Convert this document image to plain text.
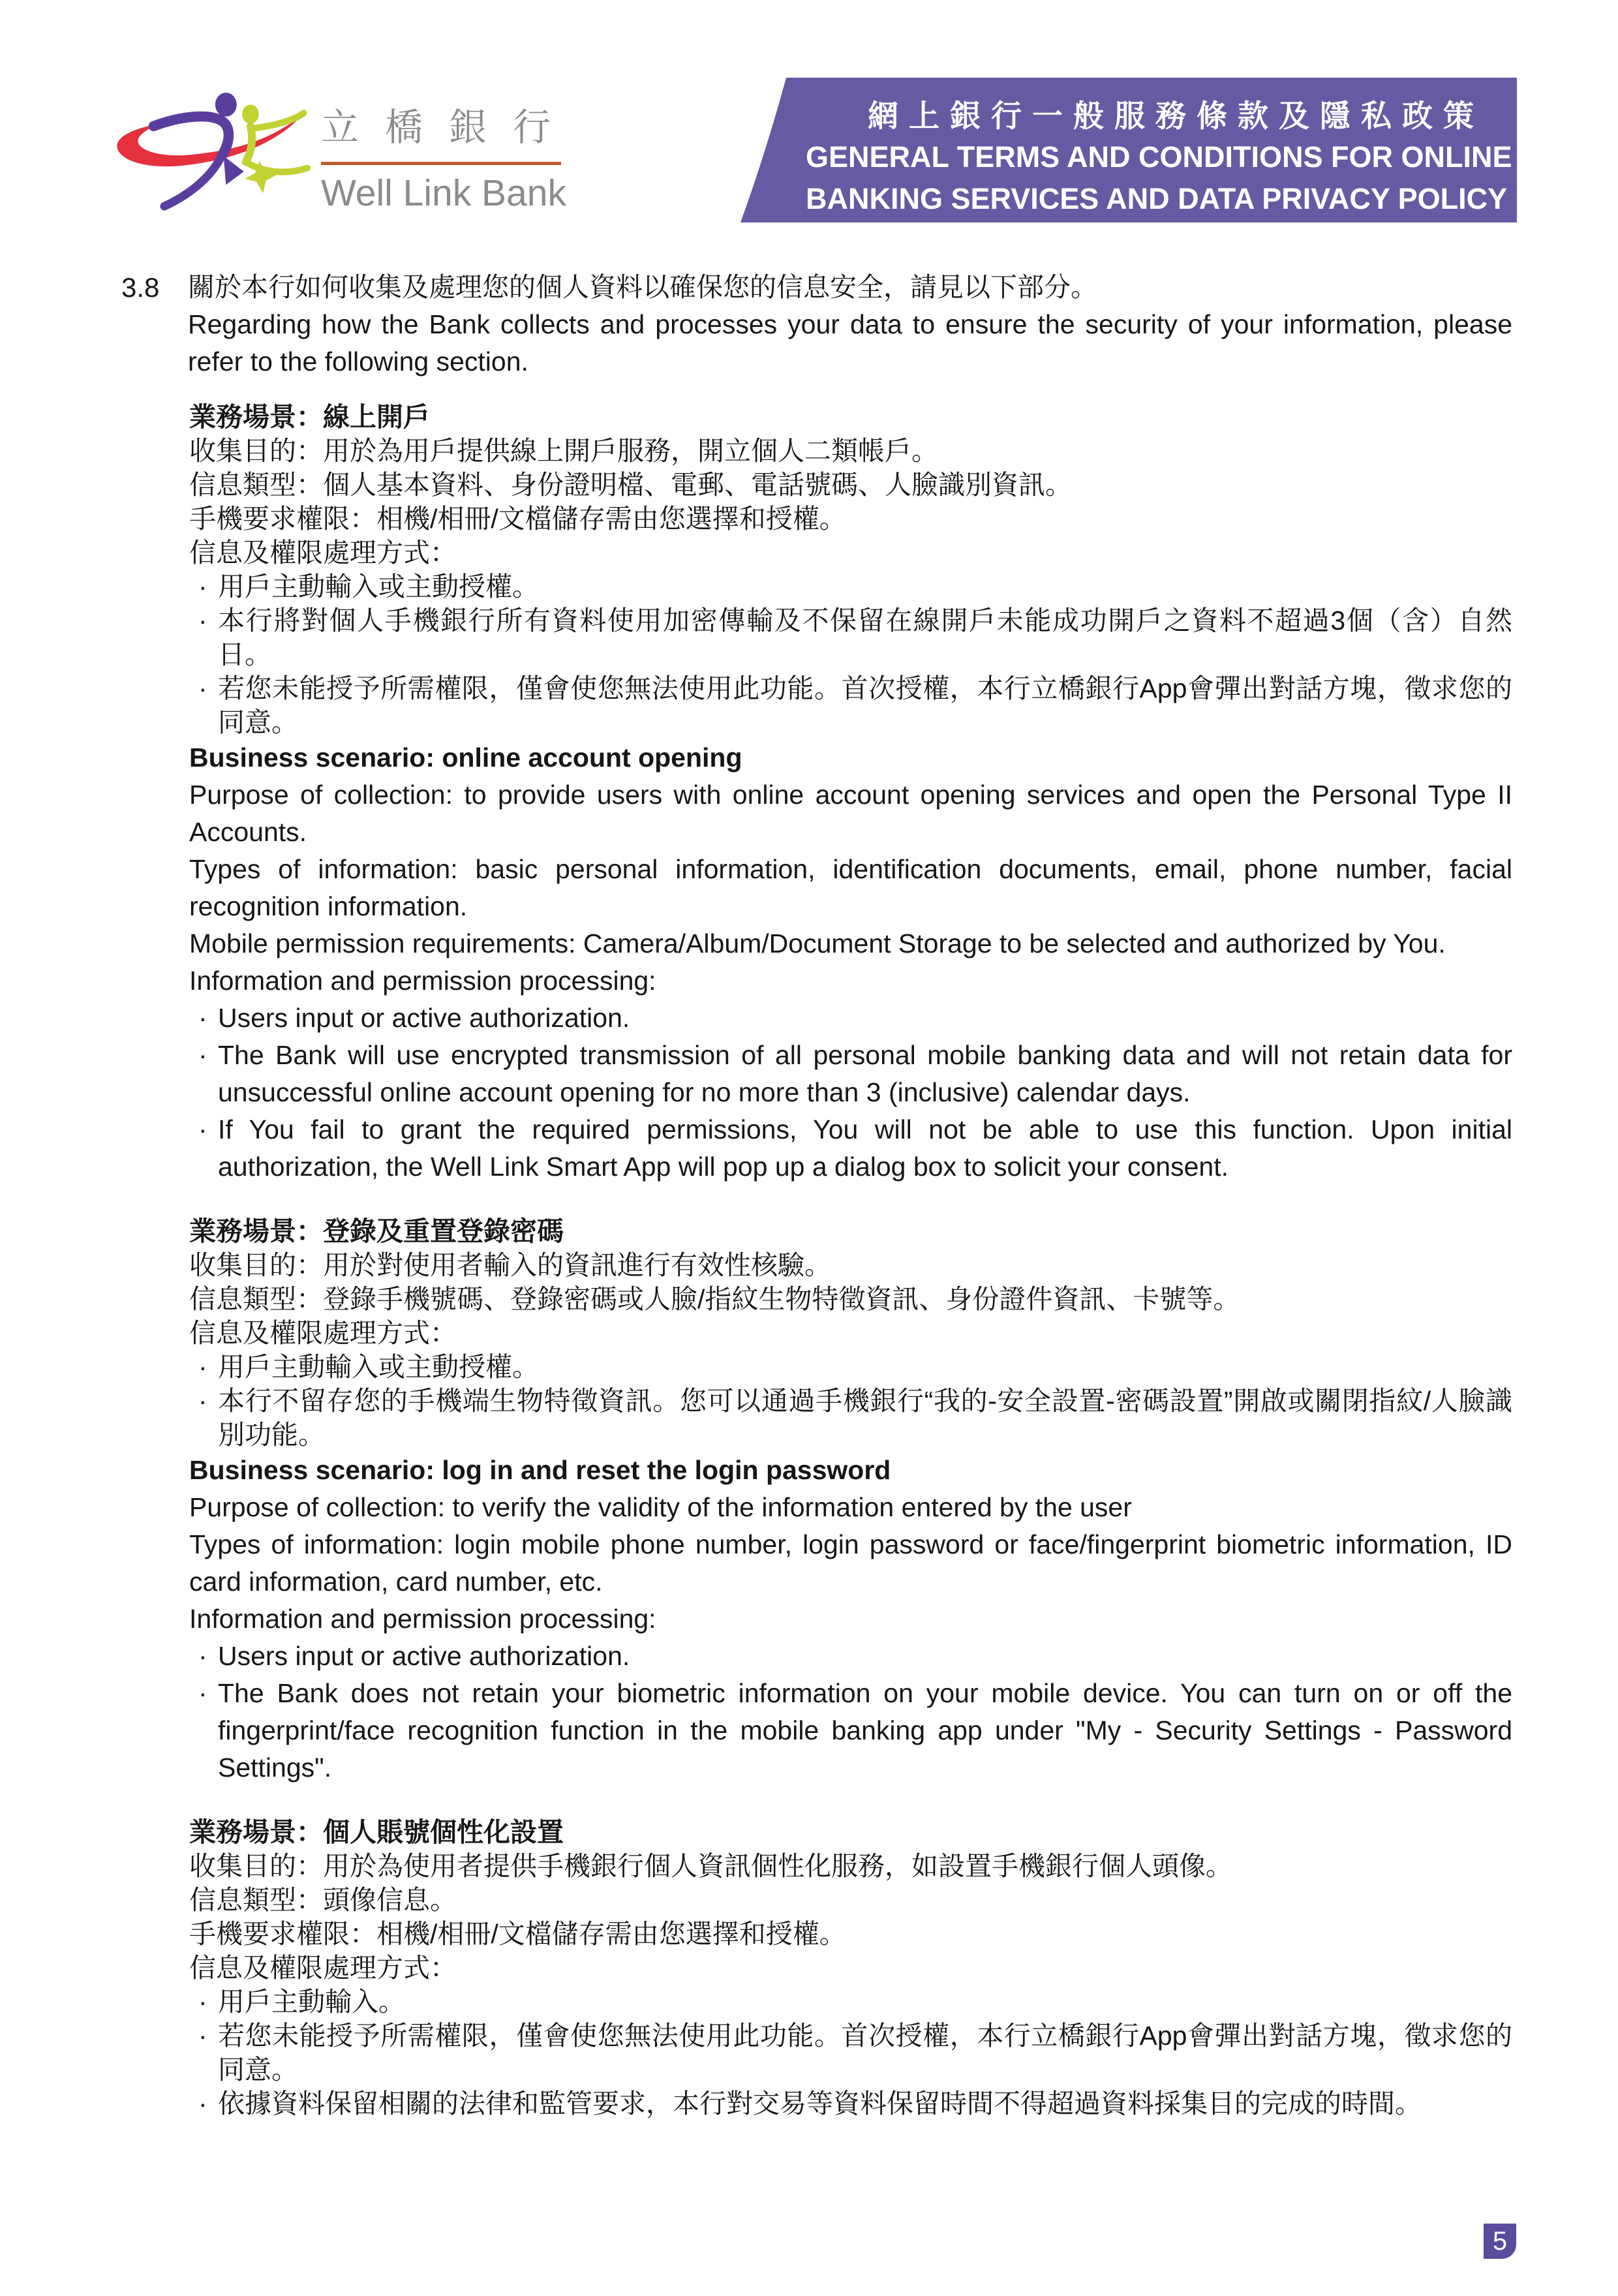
立橋銀行
Well Link Bank
網上銀行一般服務條款及隱私政策
GENERAL TERMS AND CONDITIONS FOR ONLINE
BANKING SERVICES AND DATA PRIVACY POLICY
3.8	關於本行如何收集及處理您的個人資料以確保您的信息安全，請見以下部分。

Regarding how the Bank collects and processes your data to ensure the security of your information, please refer to the following section.

業務場景：線上開戶

收集目的：用於為用戶提供線上開戶服務，開立個人二類帳戶。

信息類型：個人基本資料、身份證明檔、電郵、電話號碼、人臉識別資訊。

手機要求權限：相機/相冊/文檔儲存需由您選擇和授權。

信息及權限處理方式：

· 用戶主動輸入或主動授權。

· 本行將對個人手機銀行所有資料使用加密傳輸及不保留在線開戶未能成功開戶之資料不超過3個（含）自然日。

· 若您未能授予所需權限，僅會使您無法使用此功能。首次授權，本行立橋銀行App會彈出對話方塊，徵求您的同意。

Business scenario: online account opening

Purpose of collection: to provide users with online account opening services and open the Personal Type II Accounts.

Types of information: basic personal information, identification documents, email, phone number, facial recognition information.

Mobile permission requirements: Camera/Album/Document Storage to be selected and authorized by You.

Information and permission processing:

· Users input or active authorization.

· The Bank will use encrypted transmission of all personal mobile banking data and will not retain data for unsuccessful online account opening for no more than 3 (inclusive) calendar days.

· If You fail to grant the required permissions, You will not be able to use this function. Upon initial authorization, the Well Link Smart App will pop up a dialog box to solicit your consent.

業務場景：登錄及重置登錄密碼

收集目的：用於對使用者輸入的資訊進行有效性核驗。

信息類型：登錄手機號碼、登錄密碼或人臉/指紋生物特徵資訊、身份證件資訊、卡號等。

信息及權限處理方式：

· 用戶主動輸入或主動授權。

· 本行不留存您的手機端生物特徵資訊。您可以通過手機銀行“我的-安全設置-密碼設置”開啟或關閉指紋/人臉識別功能。

Business scenario: log in and reset the login password

Purpose of collection: to verify the validity of the information entered by the user

Types of information: login mobile phone number, login password or face/fingerprint biometric information, ID card information, card number, etc.

Information and permission processing:

· Users input or active authorization.

· The Bank does not retain your biometric information on your mobile device. You can turn on or off the fingerprint/face recognition function in the mobile banking app under "My - Security Settings - Password Settings".

業務場景：個人賬號個性化設置

收集目的：用於為使用者提供手機銀行個人資訊個性化服務，如設置手機銀行個人頭像。

信息類型：頭像信息。

手機要求權限：相機/相冊/文檔儲存需由您選擇和授權。

信息及權限處理方式：

· 用戶主動輸入。

· 若您未能授予所需權限，僅會使您無法使用此功能。首次授權，本行立橋銀行App會彈出對話方塊，徵求您的同意。

· 依據資料保留相關的法律和監管要求，本行對交易等資料保留時間不得超過資料採集目的完成的時間。

5
